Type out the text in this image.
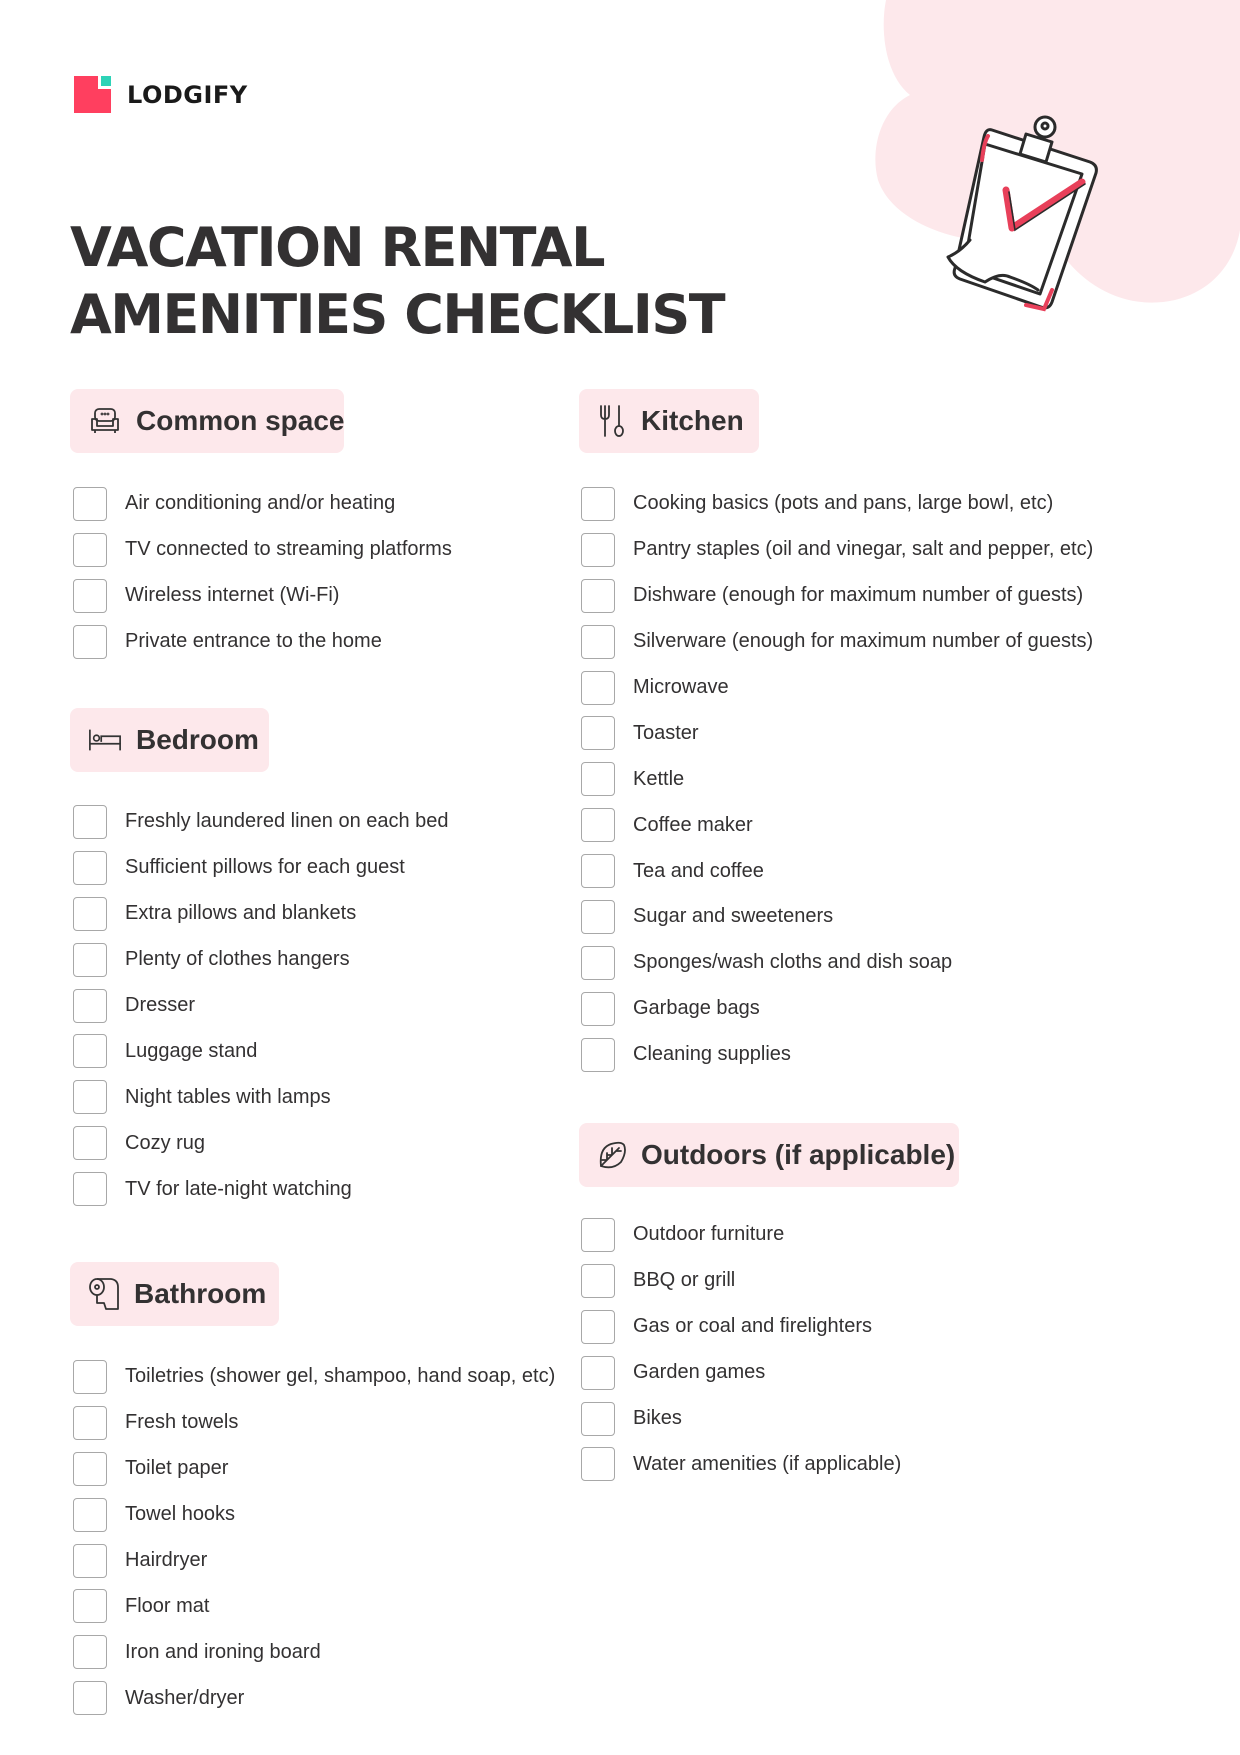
LODGIFY
VACATION RENTAL
AMENITIES CHECKLIST
Common space
Air conditioning and/or heating
TV connected to streaming platforms
Wireless internet (Wi-Fi)
Private entrance to the home
Bedroom
Freshly laundered linen on each bed
Sufficient pillows for each guest
Extra pillows and blankets
Plenty of clothes hangers
Dresser
Luggage stand
Night tables with lamps
Cozy rug
TV for late-night watching
Bathroom
Toiletries (shower gel, shampoo, hand soap, etc)
Fresh towels
Toilet paper
Towel hooks
Hairdryer
Floor mat
Iron and ironing board
Washer/dryer
Kitchen
Cooking basics (pots and pans, large bowl, etc)
Pantry staples (oil and vinegar, salt and pepper, etc)
Dishware (enough for maximum number of guests)
Silverware (enough for maximum number of guests)
Microwave
Toaster
Kettle
Coffee maker
Tea and coffee
Sugar and sweeteners
Sponges/wash cloths and dish soap
Garbage bags
Cleaning supplies
Outdoors (if applicable)
Outdoor furniture
BBQ or grill
Gas or coal and firelighters
Garden games
Bikes
Water amenities (if applicable)
